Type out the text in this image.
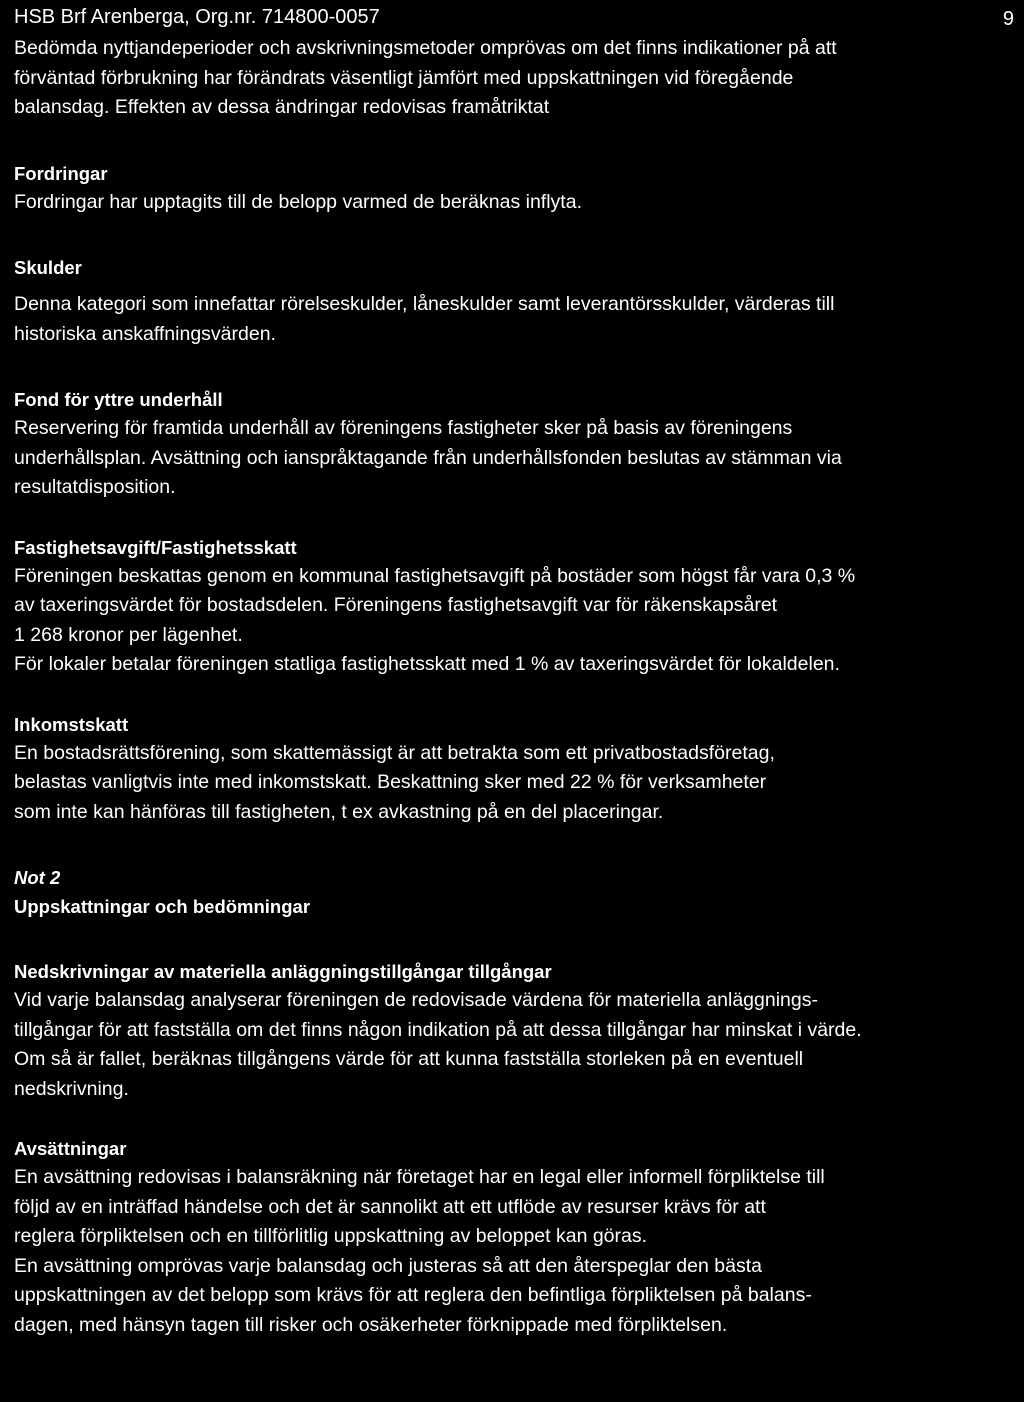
HSB Brf Arenberga, Org.nr. 714800-0057	9

Bedömda nyttjandeperioder och avskrivningsmetoder omprövas om det finns indikationer på att
förväntad förbrukning har förändrats väsentligt jämfört med uppskattningen vid föregående
balansdag. Effekten av dessa ändringar redovisas framåtriktat

Fordringar

Fordringar har upptagits till de belopp varmed de beräknas inflyta.

Skulder

Denna kategori som innefattar rörelseskulder, låneskulder samt leverantörsskulder, värderas till
historiska anskaffningsvärden.

Fond för yttre underhåll

Reservering för framtida underhåll av föreningens fastigheter sker på basis av föreningens
underhållsplan. Avsättning och ianspråktagande från underhållsfonden beslutas av stämman via
resultatdisposition.

Fastighetsavgift/Fastighetsskatt

Föreningen beskattas genom en kommunal fastighetsavgift på bostäder som högst får vara 0,3 %
av taxeringsvärdet för bostadsdelen. Föreningens fastighetsavgift var för räkenskapsåret
1 268 kronor per lägenhet.
För lokaler betalar föreningen statliga fastighetsskatt med 1 % av taxeringsvärdet för lokaldelen.

Inkomstskatt

En bostadsrättsförening, som skattemässigt är att betrakta som ett privatbostadsföretag,
belastas vanligtvis inte med inkomstskatt. Beskattning sker med 22 % för verksamheter
som inte kan hänföras till fastigheten, t ex avkastning på en del placeringar.

Not 2
Uppskattningar och bedömningar
Nedskrivningar av materiella anläggningstillgångar tillgångar

Vid varje balansdag analyserar föreningen de redovisade värdena för materiella anläggnings-
tillgångar för att fastställa om det finns någon indikation på att dessa tillgångar har minskat i värde.
Om så är fallet, beräknas tillgångens värde för att kunna fastställa storleken på en eventuell
nedskrivning.

Avsättningar

En avsättning redovisas i balansräkning när företaget har en legal eller informell förpliktelse till
följd av en inträffad händelse och det är sannolikt att ett utflöde av resurser krävs för att
reglera förpliktelsen och en tillförlitlig uppskattning av beloppet kan göras.
En avsättning omprövas varje balansdag och justeras så att den återspeglar den bästa
uppskattningen av det belopp som krävs för att reglera den befintliga förpliktelsen på balans-
dagen, med hänsyn tagen till risker och osäkerheter förknippade med förpliktelsen.
